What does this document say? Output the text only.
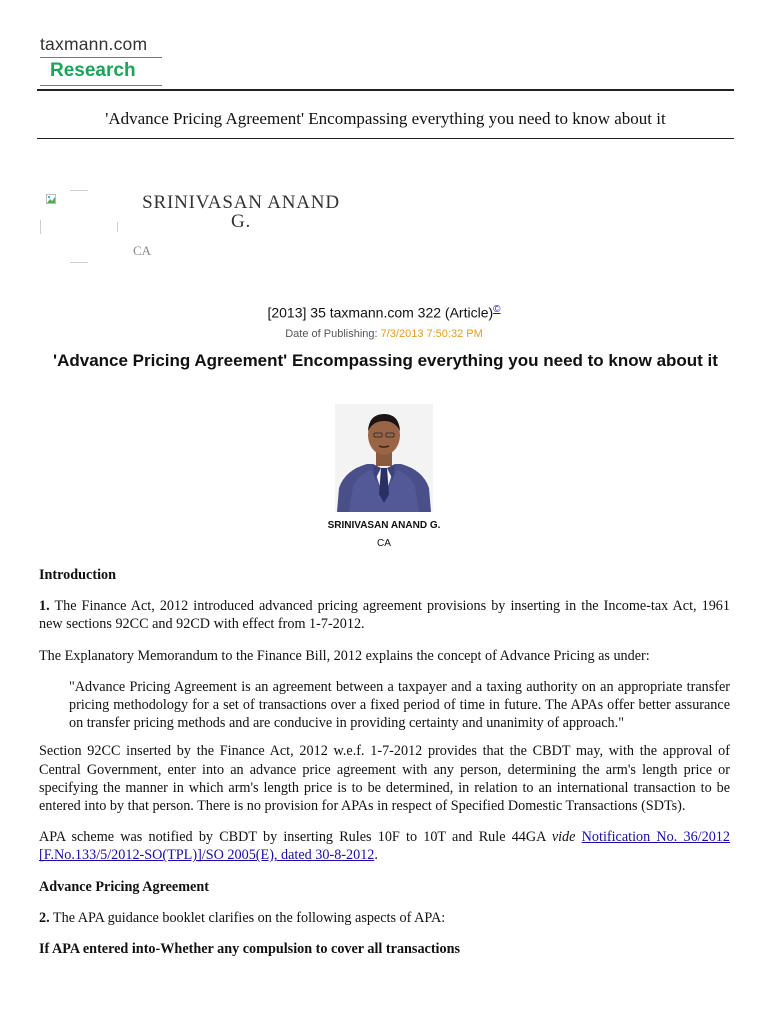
taxmann.com
Research
'Advance Pricing Agreement' Encompassing everything you need to know about it
SRINIVASAN ANAND G.
CA
[2013] 35 taxmann.com 322 (Article)©
Date of Publishing: 7/3/2013 7:50:32 PM
'Advance Pricing Agreement' Encompassing everything you need to know about it
SRINIVASAN ANAND G.
CA
Introduction

1. The Finance Act, 2012 introduced advanced pricing agreement provisions by inserting in the Income-tax Act, 1961 new sections 92CC and 92CD with effect from 1-7-2012.

The Explanatory Memorandum to the Finance Bill, 2012 explains the concept of Advance Pricing as under:

"Advance Pricing Agreement is an agreement between a taxpayer and a taxing authority on an appropriate transfer pricing methodology for a set of transactions over a fixed period of time in future. The APAs offer better assurance on transfer pricing methods and are conducive in providing certainty and unanimity of approach."

Section 92CC inserted by the Finance Act, 2012 w.e.f. 1-7-2012 provides that the CBDT may, with the approval of Central Government, enter into an advance price agreement with any person, determining the arm's length price or specifying the manner in which arm's length price is to be determined, in relation to an international transaction to be entered into by that person. There is no provision for APAs in respect of Specified Domestic Transactions (SDTs).

APA scheme was notified by CBDT by inserting Rules 10F to 10T and Rule 44GA vide Notification No. 36/2012 [F.No.133/5/2012-SO(TPL)]/SO 2005(E), dated 30-8-2012.

Advance Pricing Agreement

2. The APA guidance booklet clarifies on the following aspects of APA:

If APA entered into-Whether any compulsion to cover all transactions
